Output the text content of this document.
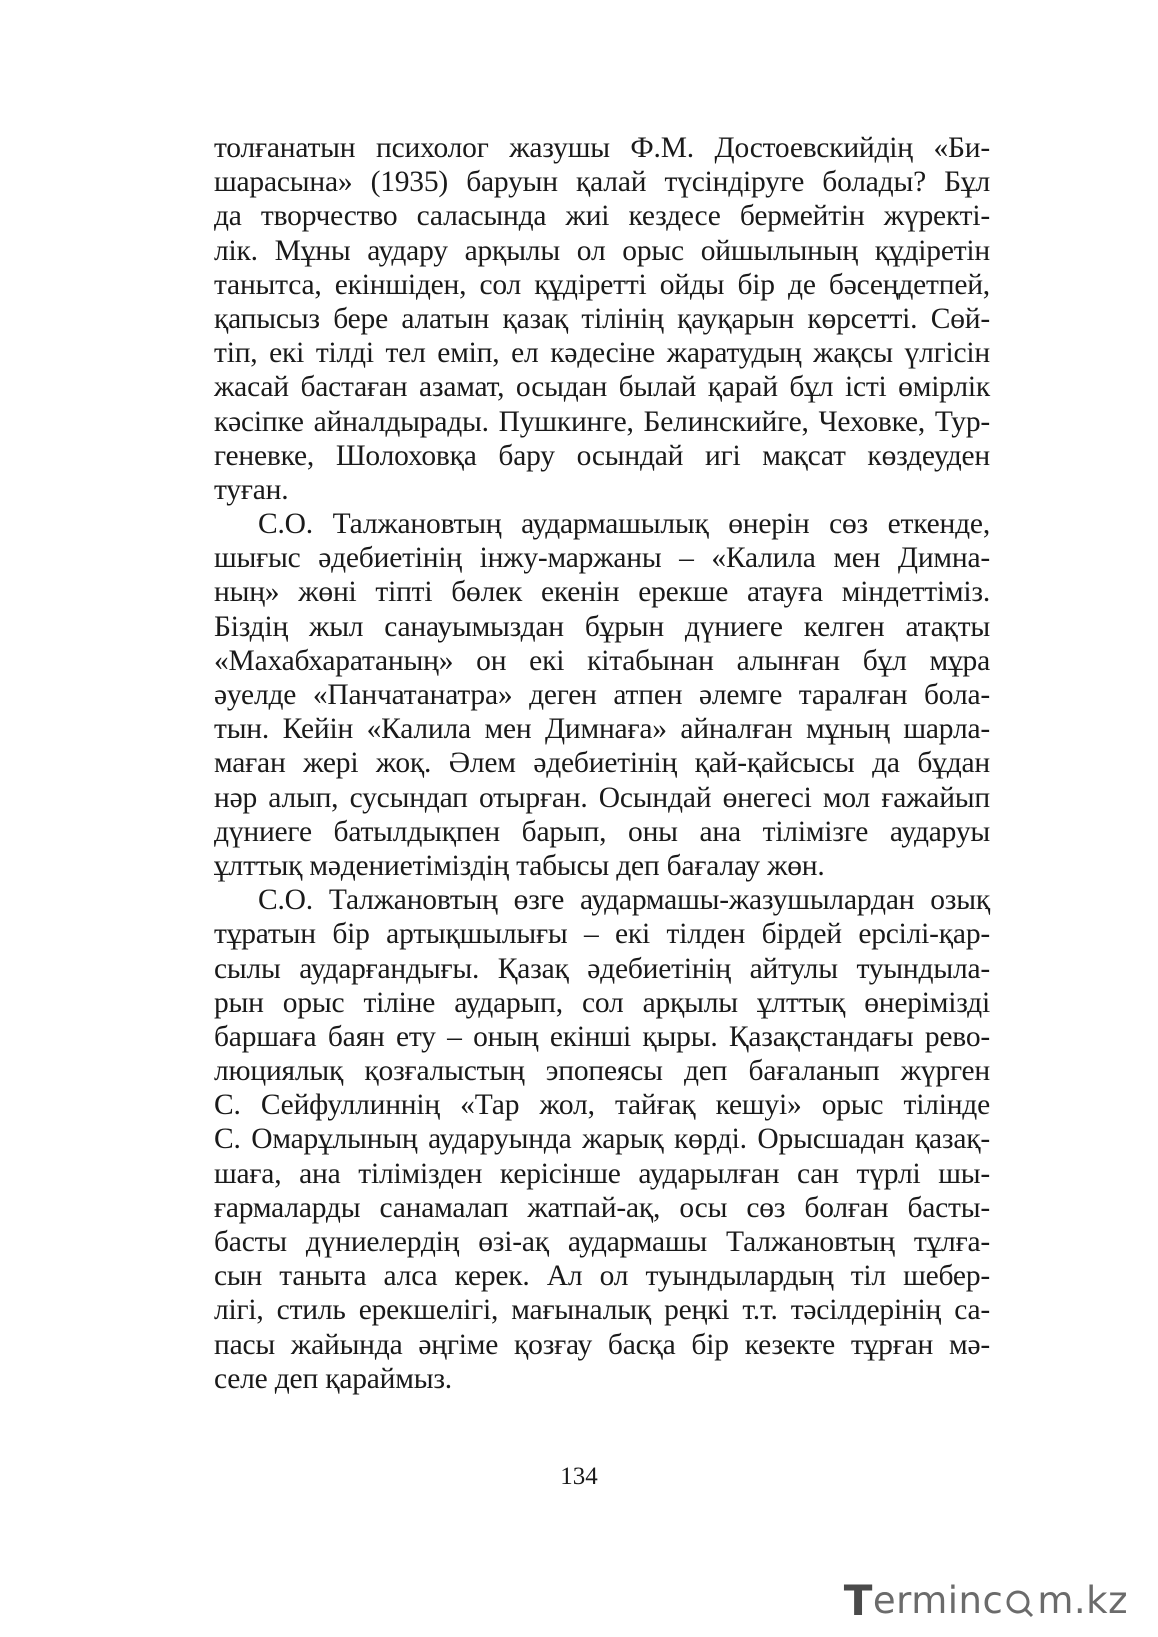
толғанатын психолог жазушы Ф.М. Достоевскийдің «Би-
шарасына» (1935) баруын қалай түсіндіруге болады? Бұл
да творчество саласында жиі кездесе бермейтін жүректі-
лік. Мұны аудару арқылы ол орыс ойшылының құдіретін
танытса, екіншіден, сол құдіретті ойды бір де бәсеңдетпей,
қапысыз бере алатын қазақ тілінің қауқарын көрсетті. Сөй-
тіп, екі тілді тел еміп, ел кәдесіне жаратудың жақсы үлгісін
жасай бастаған азамат, осыдан былай қарай бұл істі өмірлік
кәсіпке айналдырады. Пушкинге, Белинскийге, Чеховке, Тур-
геневке, Шолоховқа бару осындай игі мақсат көздеуден
туған.
С.О. Талжановтың аудармашылық өнерін сөз еткенде,
шығыс әдебиетінің інжу-маржаны – «Калила мен Димна-
ның» жөні тіпті бөлек екенін ерекше атауға міндеттіміз.
Біздің жыл санауымыздан бұрын дүниеге келген атақты
«Махабхаратаның» он екі кітабынан алынған бұл мұра
әуелде «Панчатанатра» деген атпен әлемге таралған бола-
тын. Кейін «Калила мен Димнаға» айналған мұның шарла-
маған жері жоқ. Әлем әдебиетінің қай-қайсысы да бұдан
нәр алып, сусындап отырған. Осындай өнегесі мол ғажайып
дүниеге батылдықпен барып, оны ана тілімізге аударуы
ұлттық мәдениетіміздің табысы деп бағалау жөн.
С.О. Талжановтың өзге аудармашы-жазушылардан озық
тұратын бір артықшылығы – екі тілден бірдей ерсілі-қар-
сылы аударғандығы. Қазақ әдебиетінің айтулы туындыла-
рын орыс тіліне аударып, сол арқылы ұлттық өнерімізді
баршаға баян ету – оның екінші қыры. Қазақстандағы рево-
люциялық қозғалыстың эпопеясы деп бағаланып жүрген
С. Сейфуллиннің «Тар жол, тайғақ кешуі» орыс тілінде
С. Омарұлының аударуында жарық көрді. Орысшадан қазақ-
шаға, ана тілімізден керісінше аударылған сан түрлі шы-
ғармаларды санамалап жатпай-ақ, осы сөз болған басты-
басты дүниелердің өзі-ақ аудармашы Талжановтың тұлға-
сын таныта алса керек. Ал ол туындылардың тіл шебер-
лігі, стиль ерекшелігі, мағыналық реңкі т.т. тәсілдерінің са-
пасы жайында әңгіме қозғау басқа бір кезекте тұрған мә-
селе деп қараймыз.
134
T ermin c m.kz
